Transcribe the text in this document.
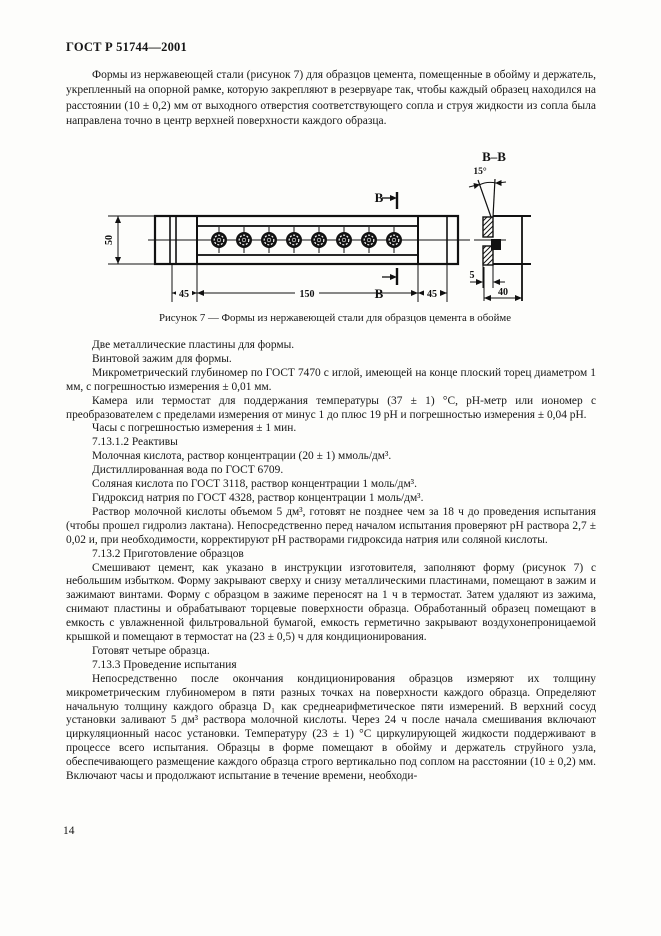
ГОСТ Р 51744—2001

Формы из нержавеющей стали (рисунок 7) для образцов цемента, помещенные в обойму и держатель, укрепленный на опорной рамке, которую закрепляют в резервуаре так, чтобы каждый образец находился на расстоянии (10 ± 0,2) мм от выходного отверстия соответствующего сопла и струя жидкости из сопла была направлена точно в центр верхней поверхности каждого образца.

В
В
50
45	150	45
В–В
15°
5
40
Рисунок 7 — Формы из нержавеющей стали для образцов цемента в обойме

Две металлические пластины для формы.

Винтовой зажим для формы.

Микрометрический глубиномер по ГОСТ 7470 с иглой, имеющей на конце плоский торец диаметром 1 мм, с погрешностью измерения ± 0,01 мм.

Камера или термостат для поддержания температуры (37 ± 1) °С, pH-метр или иономер с преобразователем с пределами измерения от минус 1 до плюс 19 pH и погрешностью измерения ± 0,04 pH.

Часы с погрешностью измерения ± 1 мин.

7.13.1.2 Реактивы

Молочная кислота, раствор концентрации (20 ± 1) ммоль/дм³.

Дистиллированная вода по ГОСТ 6709.

Соляная кислота по ГОСТ 3118, раствор концентрации 1 моль/дм³.

Гидроксид натрия по ГОСТ 4328, раствор концентрации 1 моль/дм³.

Раствор молочной кислоты объемом 5 дм³, готовят не позднее чем за 18 ч до проведения испытания (чтобы прошел гидролиз лактана). Непосредственно перед началом испытания проверяют pH раствора 2,7 ± 0,02 и, при необходимости, корректируют pH растворами гидроксида натрия или соляной кислоты.

7.13.2 Приготовление образцов

Смешивают цемент, как указано в инструкции изготовителя, заполняют форму (рисунок 7) с небольшим избытком. Форму закрывают сверху и снизу металлическими пластинами, помещают в зажим и зажимают винтами. Форму с образцом в зажиме переносят на 1 ч в термостат. Затем удаляют из зажима, снимают пластины и обрабатывают торцевые поверхности образца. Обработанный образец помещают в емкость с увлажненной фильтровальной бумагой, емкость герметично закрывают воздухонепроницаемой крышкой и помещают в термостат на (23 ± 0,5) ч для кондиционирования.

Готовят четыре образца.

7.13.3 Проведение испытания

Непосредственно после окончания кондиционирования образцов измеряют их толщину микрометрическим глубиномером в пяти разных точках на поверхности каждого образца. Определяют начальную толщину каждого образца D₁ как среднеарифметическое пяти измерений. В верхний сосуд установки заливают 5 дм³ раствора молочной кислоты. Через 24 ч после начала смешивания включают циркуляционный насос установки. Температуру (23 ± 1) °С циркулирующей жидкости поддерживают в процессе всего испытания. Образцы в форме помещают в обойму и держатель струйного узла, обеспечивающего размещение каждого образца строго вертикально под соплом на расстоянии (10 ± 0,2) мм. Включают часы и продолжают испытание в течение времени, необходи-

14
